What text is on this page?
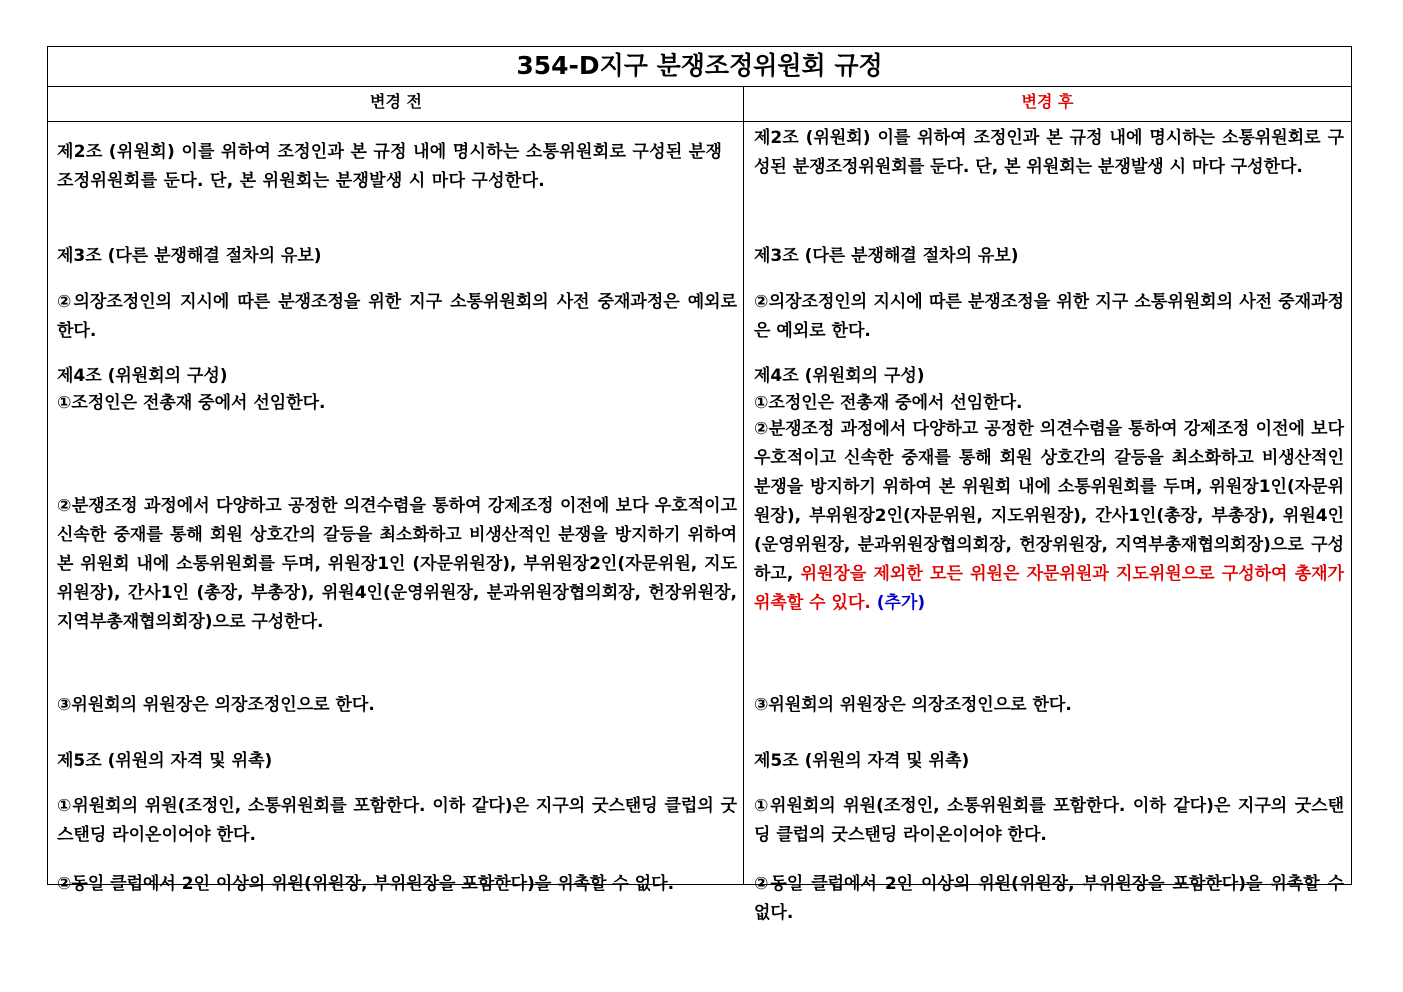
354-D지구 분쟁조정위원회 규정
변경 전	변경 후

제2조 (위원회) 이를 위하여 조정인과 본 규정 내에 명시하는 소통위원회로 구성된 분쟁조정위원회를 둔다. 단, 본 위원회는 분쟁발생 시 마다 구성한다.

제3조 (다른 분쟁해결 절차의 유보)

②의장조정인의 지시에 따른 분쟁조정을 위한 지구 소통위원회의 사전 중재과정은 예외로 한다.

제4조 (위원회의 구성)

①조정인은 전총재 중에서 선임한다.

②분쟁조정 과정에서 다양하고 공정한 의견수렴을 통하여 강제조정 이전에 보다 우호적이고 신속한 중재를 통해 회원 상호간의 갈등을 최소화하고 비생산적인 분쟁을 방지하기 위하여 본 위원회 내에 소통위원회를 두며, 위원장1인 (자문위원장), 부위원장2인(자문위원, 지도위원장), 간사1인 (총장, 부총장), 위원4인(운영위원장, 분과위원장협의회장, 헌장위원장, 지역부총재협의회장)으로 구성한다.

③위원회의 위원장은 의장조정인으로 한다.

제5조 (위원의 자격 및 위촉)

①위원회의 위원(조정인, 소통위원회를 포함한다. 이하 같다)은 지구의 굿스탠딩 클럽의 굿스탠딩 라이온이어야 한다.

②동일 클럽에서 2인 이상의 위원(위원장, 부위원장을 포함한다)을 위촉할 수 없다.

제2조 (위원회) 이를 위하여 조정인과 본 규정 내에 명시하는 소통위원회로 구성된 분쟁조정위원회를 둔다. 단, 본 위원회는 분쟁발생 시 마다 구성한다.

제3조 (다른 분쟁해결 절차의 유보)

②의장조정인의 지시에 따른 분쟁조정을 위한 지구 소통위원회의 사전 중재과정은 예외로 한다.

제4조 (위원회의 구성)

①조정인은 전총재 중에서 선임한다.

②분쟁조정 과정에서 다양하고 공정한 의견수렴을 통하여 강제조정 이전에 보다 우호적이고 신속한 중재를 통해 회원 상호간의 갈등을 최소화하고 비생산적인 분쟁을 방지하기 위하여 본 위원회 내에 소통위원회를 두며, 위원장1인(자문위원장), 부위원장2인(자문위원, 지도위원장), 간사1인(총장, 부총장), 위원4인(운영위원장, 분과위원장협의회장, 헌장위원장, 지역부총재협의회장)으로 구성하고, 위원장을 제외한 모든 위원은 자문위원과 지도위원으로 구성하여 총재가 위촉할 수 있다. (추가)

③위원회의 위원장은 의장조정인으로 한다.

제5조 (위원의 자격 및 위촉)

①위원회의 위원(조정인, 소통위원회를 포함한다. 이하 같다)은 지구의 굿스탠딩 클럽의 굿스탠딩 라이온이어야 한다.

②동일 클럽에서 2인 이상의 위원(위원장, 부위원장을 포함한다)을 위촉할 수 없다.
